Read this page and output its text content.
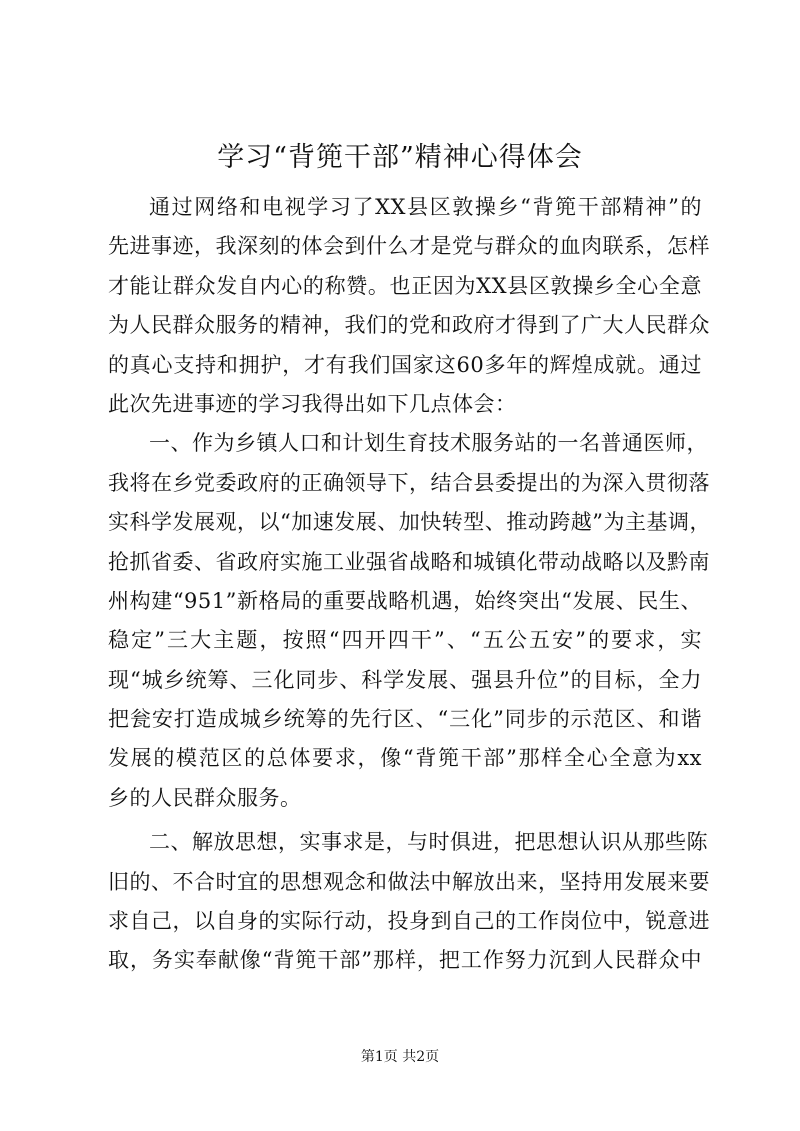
学习“背篼干部”精神心得体会
通过网络和电视学习了XX县区敦操乡“背篼干部精神”的
先进事迹，我深刻的体会到什么才是党与群众的血肉联系，怎样
才能让群众发自内心的称赞。也正因为XX县区敦操乡全心全意
为人民群众服务的精神，我们的党和政府才得到了广大人民群众
的真心支持和拥护，才有我们国家这60多年的辉煌成就。通过
此次先进事迹的学习我得出如下几点体会：
一、作为乡镇人口和计划生育技术服务站的一名普通医师，
我将在乡党委政府的正确领导下，结合县委提出的为深入贯彻落
实科学发展观，以“加速发展、加快转型、推动跨越”为主基调，
抢抓省委、省政府实施工业强省战略和城镇化带动战略以及黔南
州构建“951”新格局的重要战略机遇，始终突出“发展、民生、
稳定”三大主题，按照“四开四干”、“五公五安”的要求，实
现“城乡统筹、三化同步、科学发展、强县升位”的目标，全力
把瓮安打造成城乡统筹的先行区、“三化”同步的示范区、和谐
发展的模范区的总体要求，像“背篼干部”那样全心全意为xx
乡的人民群众服务。
二、解放思想，实事求是，与时俱进，把思想认识从那些陈
旧的、不合时宜的思想观念和做法中解放出来，坚持用发展来要
求自己，以自身的实际行动，投身到自己的工作岗位中，锐意进
取，务实奉献像“背篼干部”那样，把工作努力沉到人民群众中
第1页 共2页
